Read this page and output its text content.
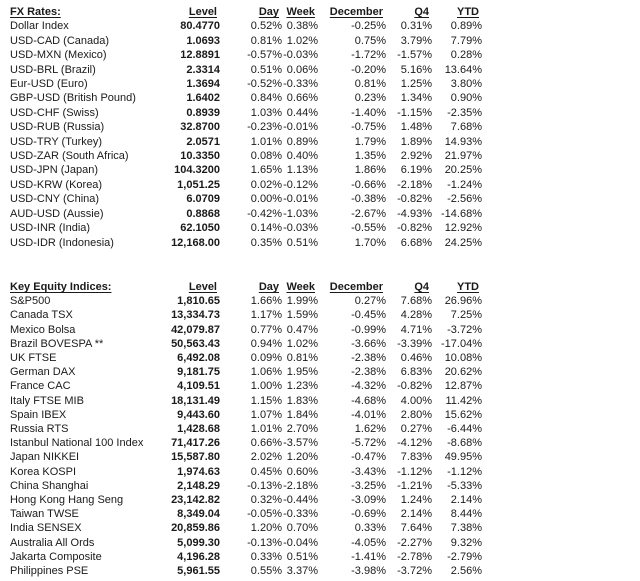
FX Rates:	Level	Day	Week	December	Q4	YTD	
Dollar Index	80.4770	0.52%	0.38%	-0.25%	0.31%	0.89%	
USD-CAD (Canada)	1.0693	0.81%	1.02%	0.75%	3.79%	7.79%	
USD-MXN (Mexico)	12.8891	-0.57%	-0.03%	-1.72%	-1.57%	0.28%	
USD-BRL (Brazil)	2.3314	0.51%	0.06%	-0.20%	5.16%	13.64%	
Eur-USD (Euro)	1.3694	-0.52%	-0.33%	0.81%	1.25%	3.80%	
GBP-USD (British Pound)	1.6402	0.84%	0.66%	0.23%	1.34%	0.90%	
USD-CHF (Swiss)	0.8939	1.03%	0.44%	-1.40%	-1.15%	-2.35%	
USD-RUB (Russia)	32.8700	-0.23%	-0.01%	-0.75%	1.48%	7.68%	
USD-TRY (Turkey)	2.0571	1.01%	0.89%	1.79%	1.89%	14.93%	
USD-ZAR (South Africa)	10.3350	0.08%	0.40%	1.35%	2.92%	21.97%	
USD-JPN (Japan)	104.3200	1.65%	1.13%	1.86%	6.19%	20.25%	
USD-KRW (Korea)	1,051.25	0.02%	-0.12%	-0.66%	-2.18%	-1.24%	
USD-CNY (China)	6.0709	0.00%	-0.01%	-0.38%	-0.82%	-2.56%	
AUD-USD (Aussie)	0.8868	-0.42%	-1.03%	-2.67%	-4.93%	-14.68%	
USD-INR (India)	62.1050	0.14%	-0.03%	-0.55%	-0.82%	12.92%	
USD-IDR (Indonesia)	12,168.00	0.35%	0.51%	1.70%	6.68%	24.25%	
Key Equity Indices:	Level	Day	Week	December	Q4	YTD	
S&P500	1,810.65	1.66%	1.99%	0.27%	7.68%	26.96%	
Canada TSX	13,334.73	1.17%	1.59%	-0.45%	4.28%	7.25%	
Mexico Bolsa	42,079.87	0.77%	0.47%	-0.99%	4.71%	-3.72%	
Brazil BOVESPA **	50,563.43	0.94%	1.02%	-3.66%	-3.39%	-17.04%	
UK FTSE	6,492.08	0.09%	0.81%	-2.38%	0.46%	10.08%	
German DAX	9,181.75	1.06%	1.95%	-2.38%	6.83%	20.62%	
France CAC	4,109.51	1.00%	1.23%	-4.32%	-0.82%	12.87%	
Italy FTSE MIB	18,131.49	1.15%	1.83%	-4.68%	4.00%	11.42%	
Spain IBEX	9,443.60	1.07%	1.84%	-4.01%	2.80%	15.62%	
Russia RTS	1,428.68	1.01%	2.70%	1.62%	0.27%	-6.44%	
Istanbul National 100 Index	71,417.26	0.66%	-3.57%	-5.72%	-4.12%	-8.68%	
Japan NIKKEI	15,587.80	2.02%	1.20%	-0.47%	7.83%	49.95%	
Korea KOSPI	1,974.63	0.45%	0.60%	-3.43%	-1.12%	-1.12%	
China Shanghai	2,148.29	-0.13%	-2.18%	-3.25%	-1.21%	-5.33%	
Hong Kong Hang Seng	23,142.82	0.32%	-0.44%	-3.09%	1.24%	2.14%	
Taiwan TWSE	8,349.04	-0.05%	-0.33%	-0.69%	2.14%	8.44%	
India SENSEX	20,859.86	1.20%	0.70%	0.33%	7.64%	7.38%	
Australia All Ords	5,099.30	-0.13%	-0.04%	-4.05%	-2.27%	9.32%	
Jakarta Composite	4,196.28	0.33%	0.51%	-1.41%	-2.78%	-2.79%	
Philippines PSE	5,961.55	0.55%	3.37%	-3.98%	-3.72%	2.56%	
